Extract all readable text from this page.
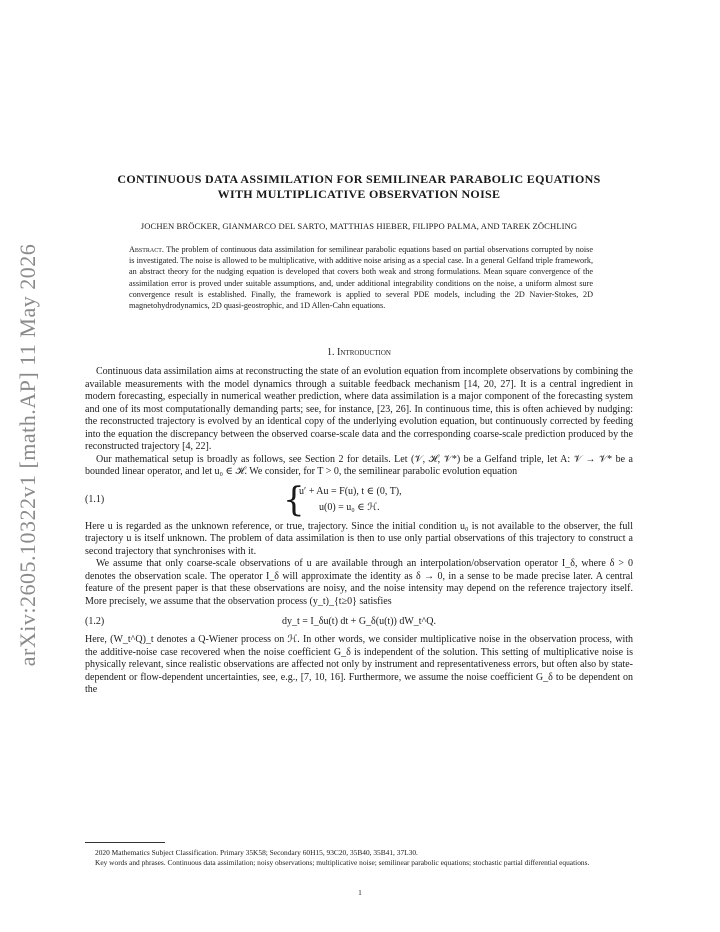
arXiv:2605.10322v1 [math.AP] 11 May 2026
CONTINUOUS DATA ASSIMILATION FOR SEMILINEAR PARABOLIC EQUATIONS
WITH MULTIPLICATIVE OBSERVATION NOISE
JOCHEN BRÖCKER, GIANMARCO DEL SARTO, MATTHIAS HIEBER, FILIPPO PALMA, AND TAREK ZÖCHLING
Abstract. The problem of continuous data assimilation for semilinear parabolic equations based on partial observations corrupted by noise is investigated. The noise is allowed to be multiplicative, with additive noise arising as a special case. In a general Gelfand triple framework, an abstract theory for the nudging equation is developed that covers both weak and strong formulations. Mean square convergence of the assimilation error is proved under suitable assumptions, and, under additional integrability conditions on the noise, a uniform almost sure convergence result is established. Finally, the framework is applied to several PDE models, including the 2D Navier-Stokes, 2D magnetohydrodynamics, 2D quasi-geostrophic, and 1D Allen-Cahn equations.
1. Introduction

Continuous data assimilation aims at reconstructing the state of an evolution equation from incomplete observations by combining the available measurements with the model dynamics through a suitable feedback mechanism [14, 20, 27]. It is a central ingredient in modern forecasting, especially in numerical weather prediction, where data assimilation is a major component of the forecasting system and one of its most computationally demanding parts; see, for instance, [23, 26]. In continuous time, this is often achieved by nudging: the reconstructed trajectory is evolved by an identical copy of the underlying evolution equation, but continuously corrected by feeding into the equation the discrepancy between the observed coarse-scale data and the corresponding coarse-scale prediction produced by the reconstructed trajectory [4, 22].

Our mathematical setup is broadly as follows, see Section 2 for details. Let (𝒱, ℋ, 𝒱*) be a Gelfand triple, let A: 𝒱 → 𝒱* be a bounded linear operator, and let u₀ ∈ ℋ. We consider, for T > 0, the semilinear parabolic evolution equation

(1.1)	{
u′ + Au = F(u), t ∈ (0, T),
u(0) = u₀ ∈ ℋ.

Here u is regarded as the unknown reference, or true, trajectory. Since the initial condition u₀ is not available to the observer, the full trajectory u is itself unknown. The problem of data assimilation is then to use only partial observations of this trajectory to construct a second trajectory that synchronises with it.

We assume that only coarse-scale observations of u are available through an interpolation/observation operator I_δ, where δ > 0 denotes the observation scale. The operator I_δ will approximate the identity as δ → 0, in a sense to be made precise later. A central feature of the present paper is that these observations are noisy, and the noise intensity may depend on the reference trajectory itself. More precisely, we assume that the observation process (y_t)_{t≥0} satisfies

(1.2)	dy_t = I_δu(t) dt + G_δ(u(t)) dW_t^Q.

Here, (W_t^Q)_t denotes a Q-Wiener process on ℋ. In other words, we consider multiplicative noise in the observation process, with the additive-noise case recovered when the noise coefficient G_δ is independent of the solution. This setting of multiplicative noise is physically relevant, since realistic observations are affected not only by instrument and representativeness errors, but often also by state-dependent or flow-dependent uncertainties, see, e.g., [7, 10, 16]. Furthermore, we assume the noise coefficient G_δ to be dependent on the

2020 Mathematics Subject Classification. Primary 35K58; Secondary 60H15, 93C20, 35B40, 35B41, 37L30.
Key words and phrases. Continuous data assimilation; noisy observations; multiplicative noise; semilinear parabolic equations; stochastic partial differential equations.
1
